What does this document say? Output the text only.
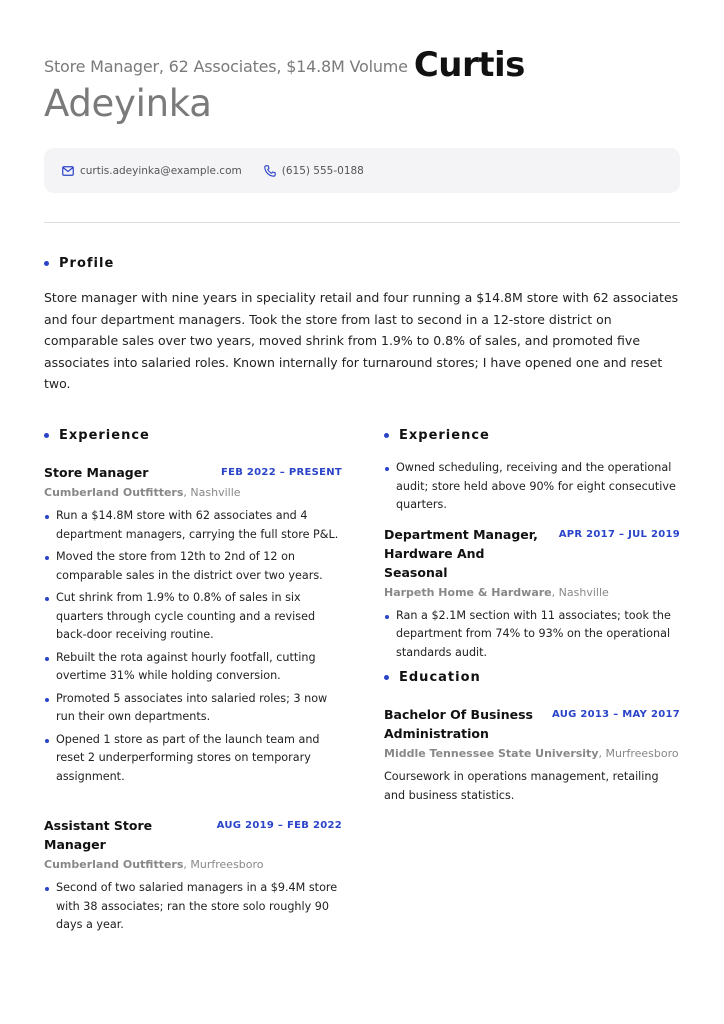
Store Manager, 62 Associates, $14.8M Volume Curtis
Adeyinka
curtis.adeyinka@example.com	(615) 555-0188
Profile

Store manager with nine years in speciality retail and four running a $14.8M store with 62 associates and four department managers. Took the store from last to second in a 12-store district on comparable sales over two years, moved shrink from 1.9% to 0.8% of sales, and promoted five associates into salaried roles. Known internally for turnaround stores; I have opened one and reset two.

Experience
Store Manager	FEB 2022 – PRESENT
Cumberland Outfitters, Nashville
Run a $14.8M store with 62 associates and 4 department managers, carrying the full store P&L.
Moved the store from 12th to 2nd of 12 on comparable sales in the district over two years.
Cut shrink from 1.9% to 0.8% of sales in six quarters through cycle counting and a revised back-door receiving routine.
Rebuilt the rota against hourly footfall, cutting overtime 31% while holding conversion.
Promoted 5 associates into salaried roles; 3 now run their own departments.
Opened 1 store as part of the launch team and reset 2 underperforming stores on temporary assignment.
Assistant Store Manager
AUG 2019 – FEB 2022
Cumberland Outfitters, Murfreesboro
Second of two salaried managers in a $9.4M store with 38 associates; ran the store solo roughly 90 days a year.
Experience
Owned scheduling, receiving and the operational audit; store held above 90% for eight consecutive quarters.
Department Manager,
Hardware And Seasonal
APR 2017 – JUL 2019
Harpeth Home & Hardware, Nashville
Ran a $2.1M section with 11 associates; took the department from 74% to 93% on the operational standards audit.
Education
Bachelor Of Business
Administration
AUG 2013 – MAY 2017
Middle Tennessee State University, Murfreesboro

Coursework in operations management, retailing and business statistics.
